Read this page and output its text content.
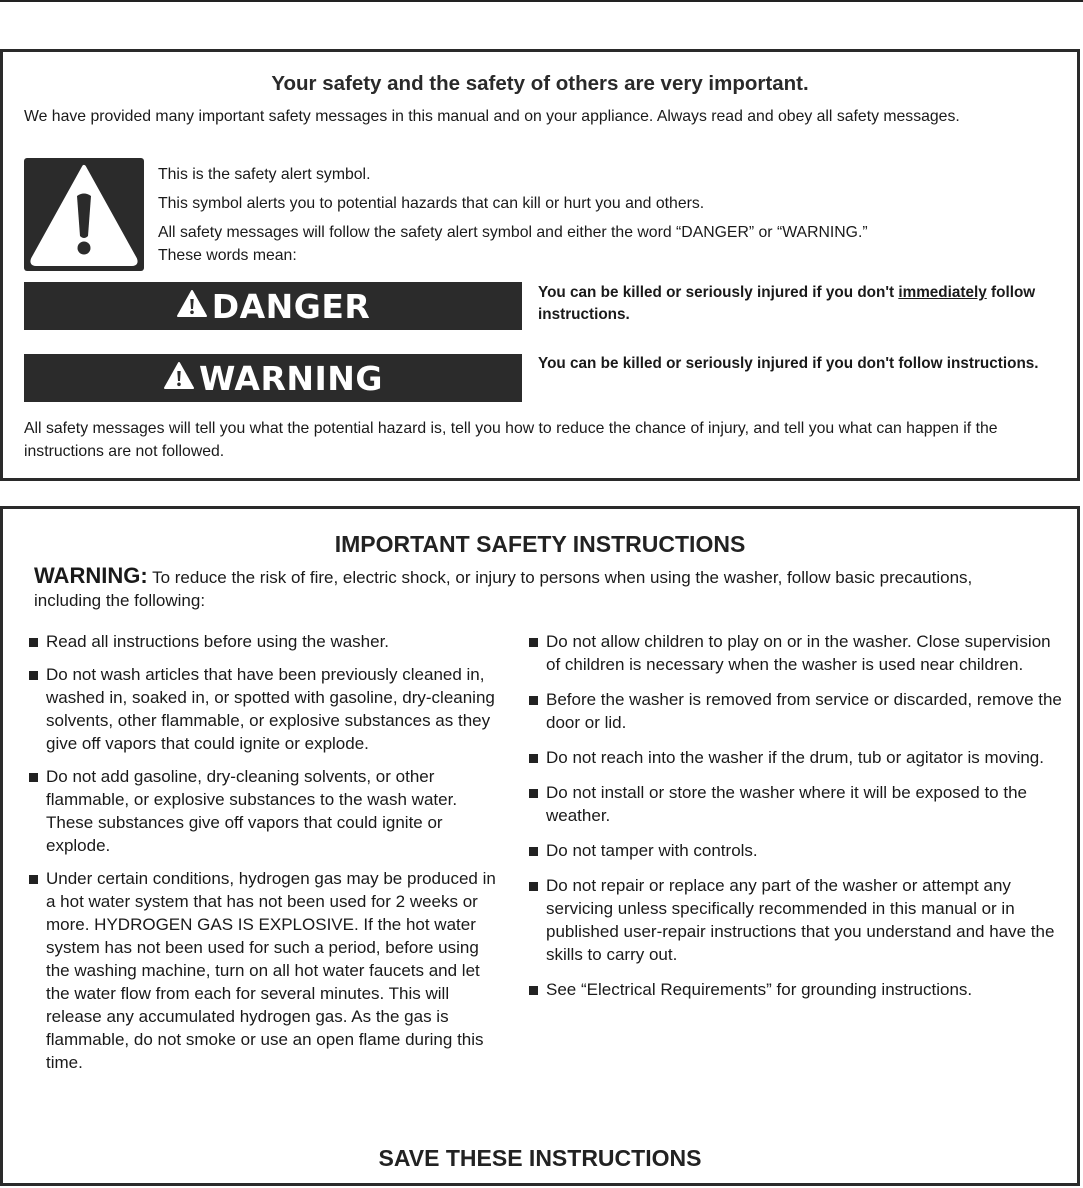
Your safety and the safety of others are very important.
We have provided many important safety messages in this manual and on your appliance. Always read and obey all safety messages.
This is the safety alert symbol.
This symbol alerts you to potential hazards that can kill or hurt you and others.
All safety messages will follow the safety alert symbol and either the word “DANGER” or “WARNING.”
These words mean:
DANGER	You can be killed or seriously injured if you don't immediately follow instructions.
WARNING	You can be killed or seriously injured if you don't follow instructions.
All safety messages will tell you what the potential hazard is, tell you how to reduce the chance of injury, and tell you what can happen if the instructions are not followed.
IMPORTANT SAFETY INSTRUCTIONS
WARNING: To reduce the risk of fire, electric shock, or injury to persons when using the washer, follow basic precautions, including the following:
Read all instructions before using the washer.
Do not wash articles that have been previously cleaned in, washed in, soaked in, or spotted with gasoline, dry-cleaning solvents, other flammable, or explosive substances as they give off vapors that could ignite or explode.
Do not add gasoline, dry-cleaning solvents, or other flammable, or explosive substances to the wash water. These substances give off vapors that could ignite or explode.
Under certain conditions, hydrogen gas may be produced in a hot water system that has not been used for 2 weeks or more. HYDROGEN GAS IS EXPLOSIVE. If the hot water system has not been used for such a period, before using the washing machine, turn on all hot water faucets and let the water flow from each for several minutes. This will release any accumulated hydrogen gas. As the gas is flammable, do not smoke or use an open flame during this time.
Do not allow children to play on or in the washer. Close supervision of children is necessary when the washer is used near children.
Before the washer is removed from service or discarded, remove the door or lid.
Do not reach into the washer if the drum, tub or agitator is moving.
Do not install or store the washer where it will be exposed to the weather.
Do not tamper with controls.
Do not repair or replace any part of the washer or attempt any servicing unless specifically recommended in this manual or in published user-repair instructions that you understand and have the skills to carry out.
See “Electrical Requirements” for grounding instructions.
SAVE THESE INSTRUCTIONS
